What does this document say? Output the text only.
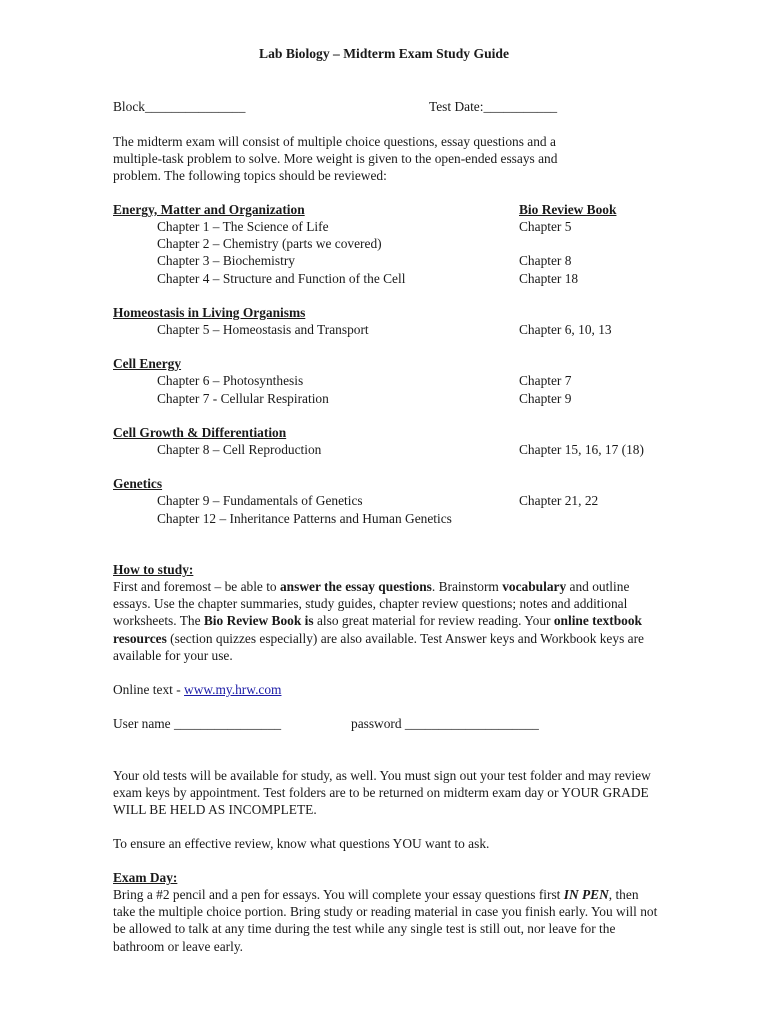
Lab Biology – Midterm Exam Study Guide
Block_______________	Test Date:___________
The midterm exam will consist of multiple choice questions, essay questions and a
multiple-task problem to solve. More weight is given to the open-ended essays and
problem. The following topics should be reviewed:
Energy, Matter and Organization	Bio Review Book
Chapter 1 – The Science of Life	Chapter 5
Chapter 2 – Chemistry (parts we covered)
Chapter 3 – Biochemistry	Chapter 8
Chapter 4 – Structure and Function of the Cell	Chapter 18
Homeostasis in Living Organisms
Chapter 5 – Homeostasis and Transport	Chapter 6, 10, 13
Cell Energy
Chapter 6 – Photosynthesis	Chapter 7
Chapter 7 - Cellular Respiration	Chapter 9
Cell Growth & Differentiation
Chapter 8 – Cell Reproduction	Chapter 15, 16, 17 (18)
Genetics
Chapter 9 – Fundamentals of Genetics	Chapter 21, 22
Chapter 12 – Inheritance Patterns and Human Genetics
How to study:
First and foremost – be able to answer the essay questions. Brainstorm vocabulary and outline essays. Use the chapter summaries, study guides, chapter review questions; notes and additional worksheets. The Bio Review Book is also great material for review reading. Your online textbook resources (section quizzes especially) are also available. Test Answer keys and Workbook keys are available for your use.
Online text - www.my.hrw.com
User name ________________	password ____________________
Your old tests will be available for study, as well. You must sign out your test folder and may review exam keys by appointment. Test folders are to be returned on midterm exam day or YOUR GRADE WILL BE HELD AS INCOMPLETE.
To ensure an effective review, know what questions YOU want to ask.
Exam Day:
Bring a #2 pencil and a pen for essays. You will complete your essay questions first IN PEN, then take the multiple choice portion. Bring study or reading material in case you finish early. You will not be allowed to talk at any time during the test while any single test is still out, nor leave for the bathroom or leave early.
